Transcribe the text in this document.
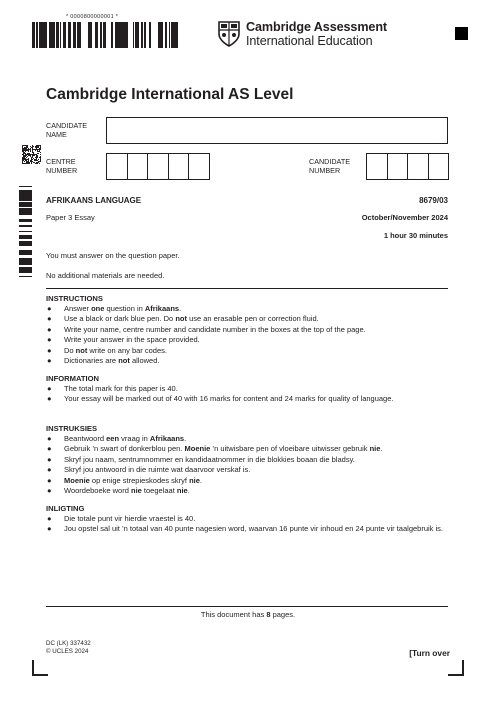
* 0000800000001 *
Cambridge Assessment
International Education
Cambridge International AS Level
CANDIDATE
NAME
CENTRE
NUMBER
CANDIDATE
NUMBER
AFRIKAANS LANGUAGE	8679/03
Paper 3 Essay	October/November 2024
1 hour 30 minutes
You must answer on the question paper.
No additional materials are needed.
INSTRUCTIONS
● Answer one question in Afrikaans.
● Use a black or dark blue pen. Do not use an erasable pen or correction fluid.
● Write your name, centre number and candidate number in the boxes at the top of the page.
● Write your answer in the space provided.
● Do not write on any bar codes.
● Dictionaries are not allowed.
INFORMATION
● The total mark for this paper is 40.
● Your essay will be marked out of 40 with 16 marks for content and 24 marks for quality of language.
INSTRUKSIES
● Beantwoord een vraag in Afrikaans.
● Gebruik ’n swart of donkerblou pen. Moenie ’n uitwisbare pen of vloeibare uitwisser gebruik nie.
● Skryf jou naam, sentrumnommer en kandidaatnommer in die blokkies boaan die bladsy.
● Skryf jou antwoord in die ruimte wat daarvoor verskaf is.
● Moenie op enige strepieskodes skryf nie.
● Woordeboeke word nie toegelaat nie.
INLIGTING
● Die totale punt vir hierdie vraestel is 40.
● Jou opstel sal uit ’n totaal van 40 punte nagesien word, waarvan 16 punte vir inhoud en 24 punte vir taalgebruik is.
This document has 8 pages.
DC (LK) 337432
© UCLES 2024	[Turn over
